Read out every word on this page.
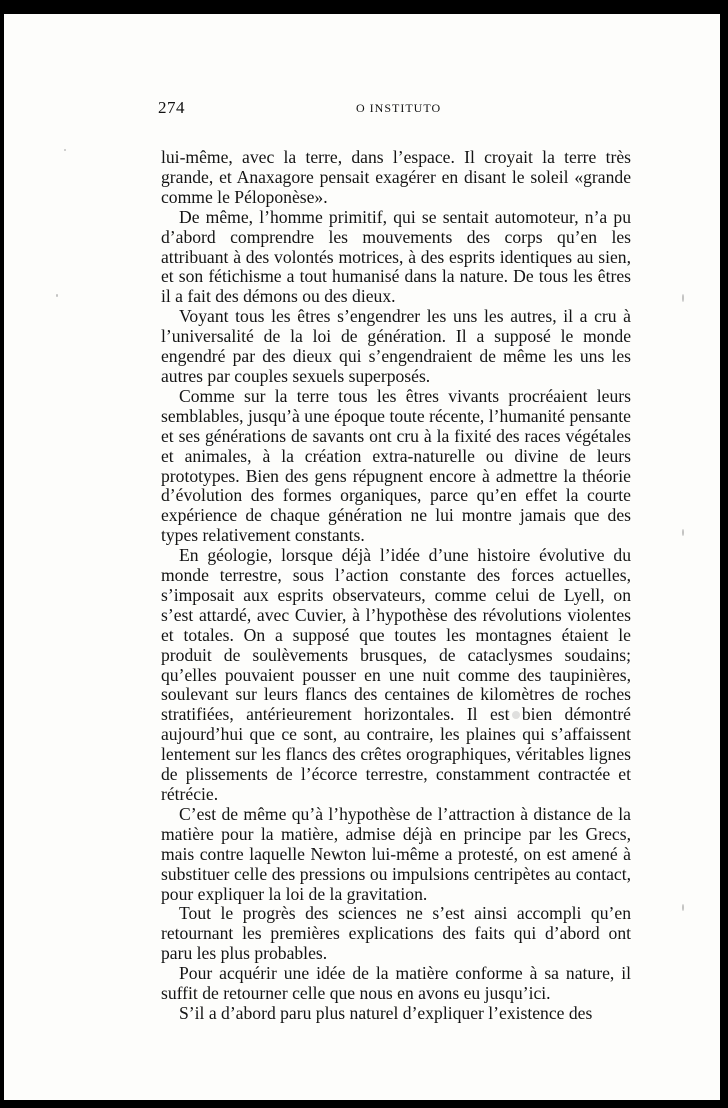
274	O INSTITUTO

lui-même, avec la terre, dans l’espace. Il croyait la terre très grande, et Anaxagore pensait exagérer en disant le soleil «grande comme le Péloponèse».

De même, l’homme primitif, qui se sentait automoteur, n’a pu d’abord comprendre les mouvements des corps qu’en les attribuant à des volontés motrices, à des esprits identiques au sien, et son fétichisme a tout humanisé dans la nature. De tous les êtres il a fait des démons ou des dieux.

Voyant tous les êtres s’engendrer les uns les autres, il a cru à l’universalité de la loi de génération. Il a supposé le monde engendré par des dieux qui s’engendraient de même les uns les autres par couples sexuels superposés.

Comme sur la terre tous les êtres vivants procréaient leurs semblables, jusqu’à une époque toute récente, l’humanité pensante et ses générations de savants ont cru à la fixité des races végétales et animales, à la création extra-naturelle ou divine de leurs prototypes. Bien des gens répugnent encore à admettre la théorie d’évolution des formes organiques, parce qu’en effet la courte expérience de chaque génération ne lui montre jamais que des types relativement constants.

En géologie, lorsque déjà l’idée d’une histoire évolutive du monde terrestre, sous l’action constante des forces actuelles, s’imposait aux esprits observateurs, comme celui de Lyell, on s’est attardé, avec Cuvier, à l’hypothèse des révolutions violentes et totales. On a supposé que toutes les montagnes étaient le produit de soulèvements brusques, de cataclysmes soudains; qu’elles pouvaient pousser en une nuit comme des taupinières, soulevant sur leurs flancs des centaines de kilomètres de roches stratifiées, antérieurement horizontales. Il est bien démontré aujourd’hui que ce sont, au contraire, les plaines qui s’affaissent lentement sur les flancs des crêtes orographiques, véritables lignes de plissements de l’écorce terrestre, constamment contractée et rétrécie.

C’est de même qu’à l’hypothèse de l’attraction à distance de la matière pour la matière, admise déjà en principe par les Grecs, mais contre laquelle Newton lui-même a protesté, on est amené à substituer celle des pressions ou impulsions centripètes au contact, pour expliquer la loi de la gravitation.

Tout le progrès des sciences ne s’est ainsi accompli qu’en retournant les premières explications des faits qui d’abord ont paru les plus probables.

Pour acquérir une idée de la matière conforme à sa nature, il suffit de retourner celle que nous en avons eu jusqu’ici.

S’il a d’abord paru plus naturel d’expliquer l’existence des
